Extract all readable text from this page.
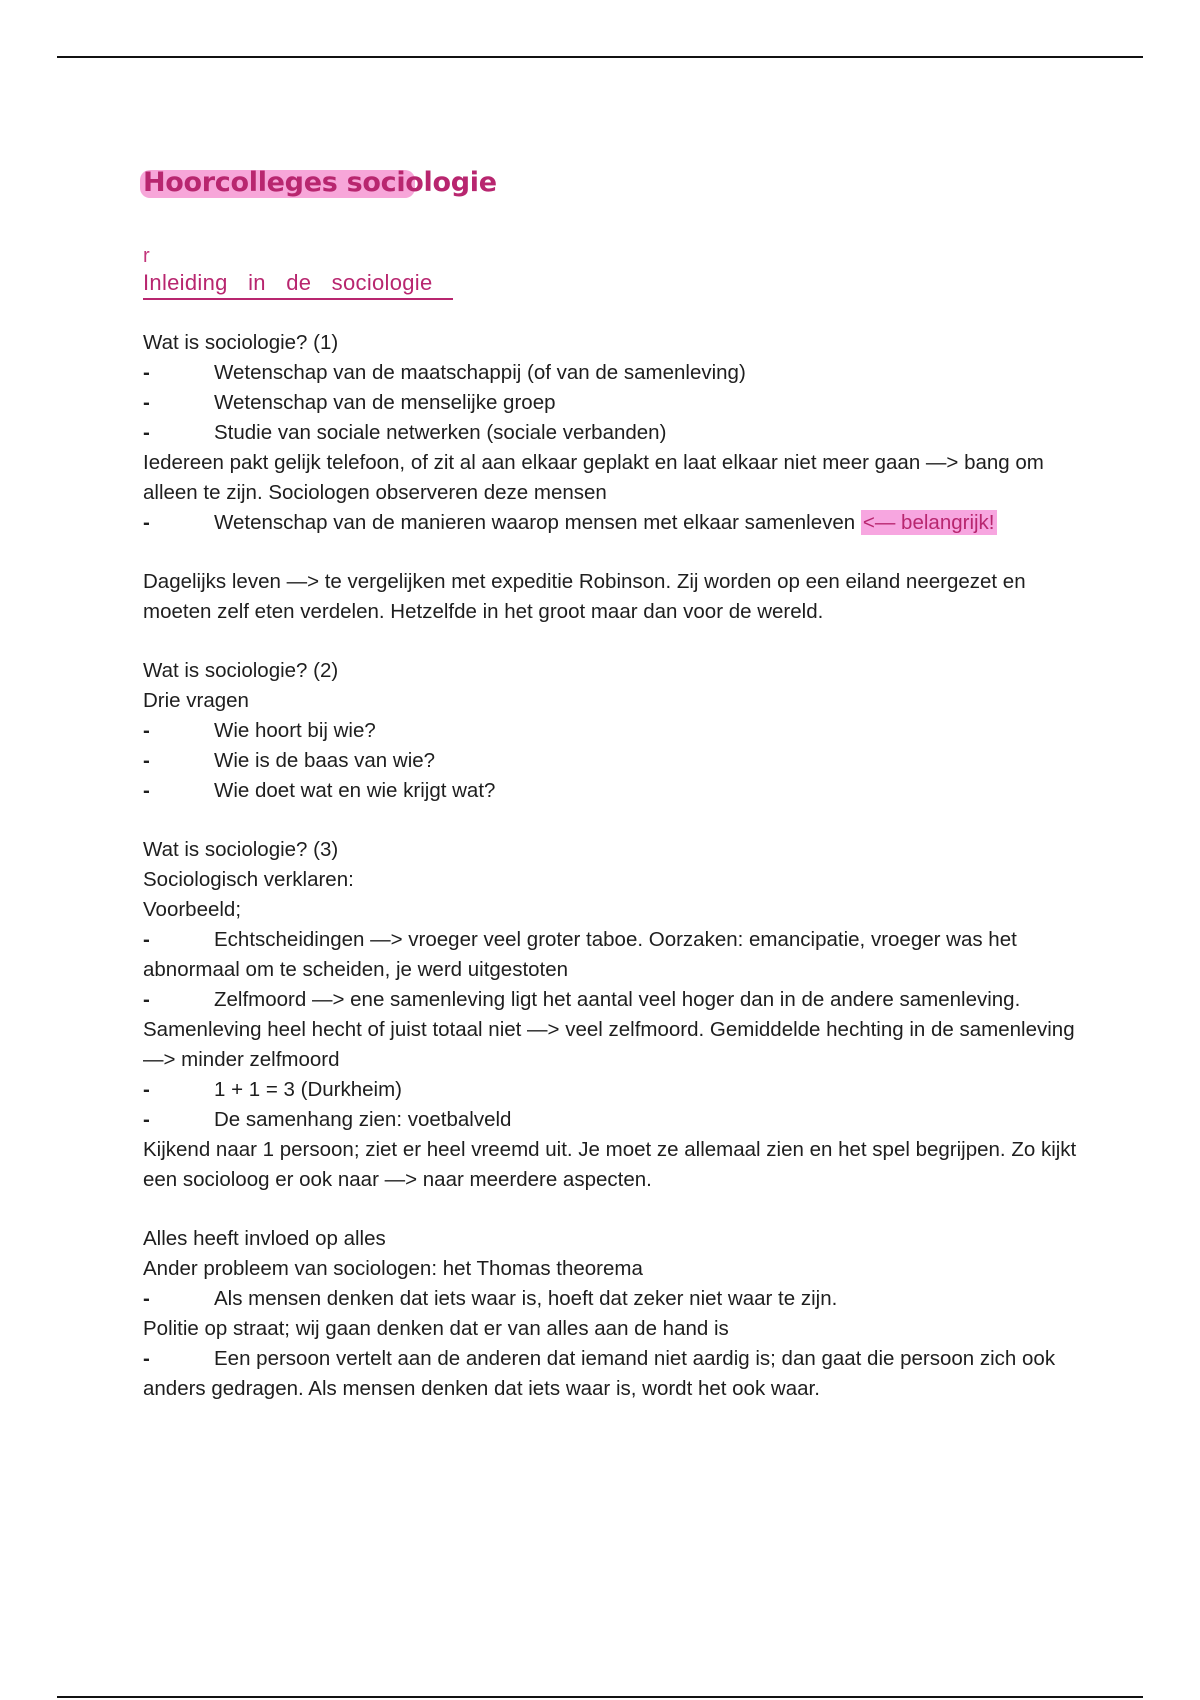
Hoorcolleges sociologie
r
Inleiding in de sociologie
Wat is sociologie? (1)
-	Wetenschap van de maatschappij (of van de samenleving)
-	Wetenschap van de menselijke groep
-	Studie van sociale netwerken (sociale verbanden)
Iedereen pakt gelijk telefoon, of zit al aan elkaar geplakt en laat elkaar niet meer gaan —> bang om alleen te zijn. Sociologen observeren deze mensen
-	Wetenschap van de manieren waarop mensen met elkaar samenleven <— belangrijk!
Dagelijks leven —> te vergelijken met expeditie Robinson. Zij worden op een eiland neergezet en moeten zelf eten verdelen. Hetzelfde in het groot maar dan voor de wereld.
Wat is sociologie? (2)
Drie vragen
-	Wie hoort bij wie?
-	Wie is de baas van wie?
-	Wie doet wat en wie krijgt wat?
Wat is sociologie? (3)
Sociologisch verklaren:
Voorbeeld;
-	Echtscheidingen —> vroeger veel groter taboe. Oorzaken: emancipatie, vroeger was het abnormaal om te scheiden, je werd uitgestoten
-	Zelfmoord —> ene samenleving ligt het aantal veel hoger dan in de andere samenleving. Samenleving heel hecht of juist totaal niet —> veel zelfmoord. Gemiddelde hechting in de samenleving —> minder zelfmoord
-	1 + 1 = 3 (Durkheim)
-	De samenhang zien: voetbalveld
Kijkend naar 1 persoon; ziet er heel vreemd uit. Je moet ze allemaal zien en het spel begrijpen. Zo kijkt een socioloog er ook naar —> naar meerdere aspecten.
Alles heeft invloed op alles
Ander probleem van sociologen: het Thomas theorema
-	Als mensen denken dat iets waar is, hoeft dat zeker niet waar te zijn.
Politie op straat; wij gaan denken dat er van alles aan de hand is
-	Een persoon vertelt aan de anderen dat iemand niet aardig is; dan gaat die persoon zich ook anders gedragen. Als mensen denken dat iets waar is, wordt het ook waar.
